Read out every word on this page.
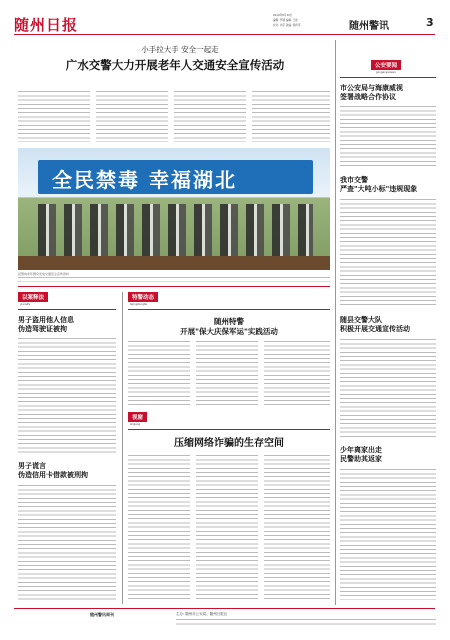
随州日报
2019年8月20日
编辑: 罗朝 编辑: 王屹
校对: 刘宇 美编: 祝传军	随州警讯	3
小手拉大手 安全一起走
广水交警大力开展老年人交通安全宣传活动
全民禁毒 幸福湖北
民警向老年群众发放交通安全宣传资料
公安要闻
gonganyaowen
市公安局与海康威视
签署战略合作协议
我市交警
严查"大吨小标"违规现象
随县交警大队
积极开展交通宣传活动
少年离家出走
民警助其返家
以案释法
yiansifa
男子盗用他人信息
伪造驾驶证被拘
男子谎言
伪造信用卡借款被刑拘
特警动态
tejingdongtai
随州特警
开展"保大庆保军运"实践活动
视窗
shijiang
压缩网络诈骗的生存空间
随州警讯周刊	主办: 随州市公安局、随州日报社
